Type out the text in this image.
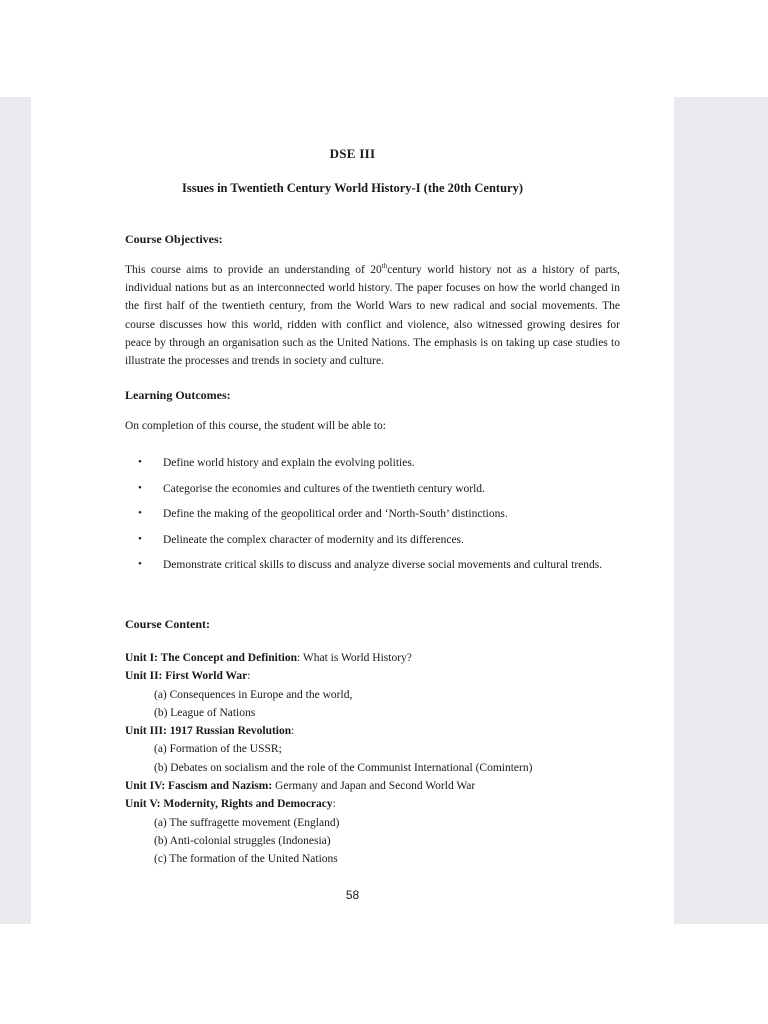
DSE III
Issues in Twentieth Century World History-I (the 20th Century)
Course Objectives:
This course aims to provide an understanding of 20thcentury world history not as a history of parts, individual nations but as an interconnected world history. The paper focuses on how the world changed in the first half of the twentieth century, from the World Wars to new radical and social movements. The course discusses how this world, ridden with conflict and violence, also witnessed growing desires for peace by through an organisation such as the United Nations. The emphasis is on taking up case studies to illustrate the processes and trends in society and culture.
Learning Outcomes:
On completion of this course, the student will be able to:
• Define world history and explain the evolving polities.
• Categorise the economies and cultures of the twentieth century world.
• Define the making of the geopolitical order and ‘North-South’ distinctions.
• Delineate the complex character of modernity and its differences.
• Demonstrate critical skills to discuss and analyze diverse social movements and cultural trends.
Course Content:
Unit I: The Concept and Definition: What is World History?
Unit II: First World War:
(a) Consequences in Europe and the world,
(b) League of Nations
Unit III: 1917 Russian Revolution:
(a) Formation of the USSR;
(b) Debates on socialism and the role of the Communist International (Comintern)
Unit IV: Fascism and Nazism: Germany and Japan and Second World War
Unit V: Modernity, Rights and Democracy:
(a) The suffragette movement (England)
(b) Anti-colonial struggles (Indonesia)
(c) The formation of the United Nations
58
